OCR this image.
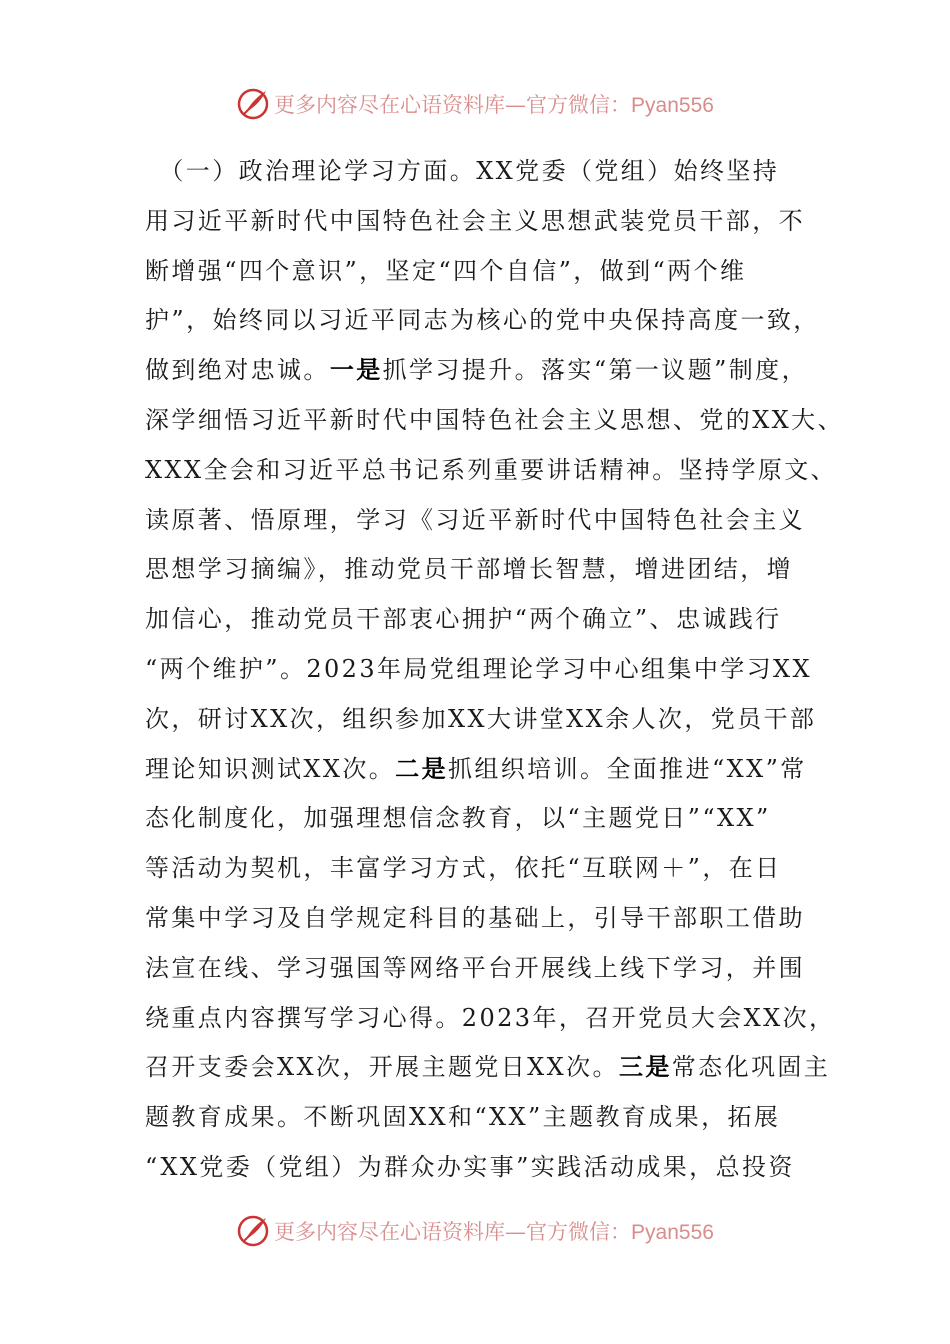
更多内容尽在心语资料库—官方微信：Pyan556
　（一）政治理论学习方面。XX党委（党组）始终坚持
用习近平新时代中国特色社会主义思想武装党员干部，不
断增强“四个意识”，坚定“四个自信”，做到“两个维
护”，始终同以习近平同志为核心的党中央保持高度一致，
做到绝对忠诚。一是抓学习提升。落实“第一议题”制度，
深学细悟习近平新时代中国特色社会主义思想、党的XX大、
XXX全会和习近平总书记系列重要讲话精神。坚持学原文、
读原著、悟原理，学习《习近平新时代中国特色社会主义
思想学习摘编》，推动党员干部增长智慧，增进团结，增
加信心，推动党员干部衷心拥护“两个确立”、忠诚践行
“两个维护”。2023年局党组理论学习中心组集中学习XX
次，研讨XX次，组织参加XX大讲堂XX余人次，党员干部
理论知识测试XX次。二是抓组织培训。全面推进“XX”常
态化制度化，加强理想信念教育，以“主题党日”“XX”
等活动为契机，丰富学习方式，依托“互联网＋”，在日
常集中学习及自学规定科目的基础上，引导干部职工借助
法宣在线、学习强国等网络平台开展线上线下学习，并围
绕重点内容撰写学习心得。2023年，召开党员大会XX次，
召开支委会XX次，开展主题党日XX次。三是常态化巩固主
题教育成果。不断巩固XX和“XX”主题教育成果，拓展
“XX党委（党组）为群众办实事”实践活动成果，总投资
更多内容尽在心语资料库—官方微信：Pyan556
